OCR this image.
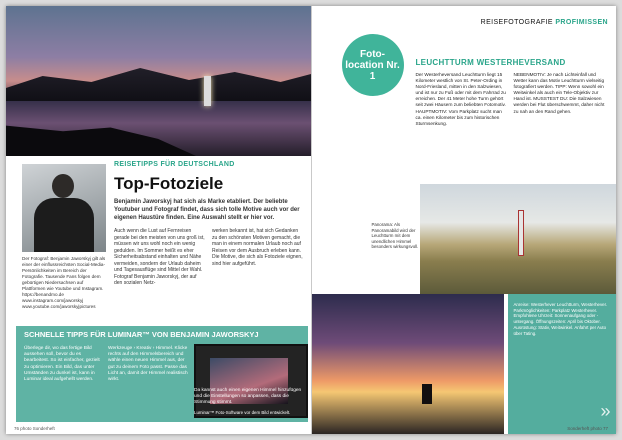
Der Fotograf: Benjamin Jaworskyj gilt als einer der einflussreichsten Social-Media-Persönlichkeiten im Bereich der Fotografie. Tausende Fans folgen dem gebürtigen Niedersachsen auf Plattformen wie Youtube und Instagram. https://benandmo.de www.instagram.com/jaworskyj www.youtube.com/jaworskyjpictures
REISETIPPS FÜR DEUTSCHLAND
Top-Fotoziele
Benjamin Jaworskyj hat sich als Marke etabliert. Der beliebte Youtuber und Fotograf findet, dass sich tolle Motive auch vor der eigenen Haustüre finden. Eine Auswahl stellt er hier vor.
Auch wenn die Lust auf Fernreisen gerade bei den meisten von uns groß ist, müssen wir uns wohl noch ein wenig gedulden. Im Sommer heißt es eher Sicherheitsabstand einhalten und Nähe vermeiden, sondern der Urlaub daheim und Tagesausflüge sind Mittel der Wahl. Fotograf Benjamin Jaworskyj, der auf den sozialen Netz-
werken bekannt ist, hat sich Gedanken zu den schönsten Motiven gemacht, die man in einem normalen Urlaub noch auf Reisen vor dem Ausbruch erleben kann. Die Motive, die sich als Fotoziele eignen, sind hier aufgeführt.
SCHNELLE TIPPS FÜR LUMINAR™ VON BENJAMIN JAWORSKYJ
Überlege dir, wo das fertige Bild aussehen soll, bevor du es bearbeitest. So ist einfacher, gezielt zu optimieren. Ein Bild, das unter Umständen zu dunkel ist, kann in Luminar ideal aufgehellt werden.
Werkzeuge › Kreativ › Himmel. Klicke rechts auf den Himmelsbereich und wähle einen neuen Himmel aus, der gut zu deinem Foto passt. Passe das Licht an, damit der Himmel realistisch wirkt.
Da kannst auch einen eigenen Himmel hinzufügen und die Einstellungen so anpassen, dass die Stimmung stimmt.
Luminar™ Foto-Software vor dem Bild entwickelt.
76 photo Sonderheft
REISEFOTOGRAFIE PROFIMISSEN
Foto-location Nr. 1
LEUCHTTURM WESTERHEVERSAND
Der Westerheversand Leuchtturm liegt 15 Kilometer westlich von St. Peter-Ording in Nord-Friesland, mitten in den Salzwiesen, und ist nur zu Fuß oder mit dem Fahrrad zu erreichen. Der 41 Meter hohe Turm gehört seit zwei Häusern zum beliebten Fotomotiv. HAUPTMOTIV: Vom Parkplatz sucht man ca. einen Kilometer bis zum historischen Sturmsenkung.
NEBENMOTIV: Je nach Lichteinfall und Wetter kann das Motiv Leuchtturm vielseitig fotografiert werden. TIPP: Wenn sowohl ein Weitwinkel als auch ein Tele-Objektiv zur Hand ist. MUSSTEST DU: Die Salzwiesen werden bei Flut überschwemmt, daher nicht zu nah an den Rand gehen.
Panorama: Als Panoramabild wird der Leuchtturm mit dem unendlichen Himmel besonders wirkungsvoll.

Anreise: Westerhever Leuchtturm, Westerhever. Parkmöglichkeiten: Parkplatz Westerhever. Empfohlene Uhrzeit: Sonnenaufgang oder -untergang. Öffnungszeiten: April bis Oktober. Ausrüstung: Stativ, Weitwinkel. Anfahrt per Auto über Tating.

»
Sonderheft photo 77
